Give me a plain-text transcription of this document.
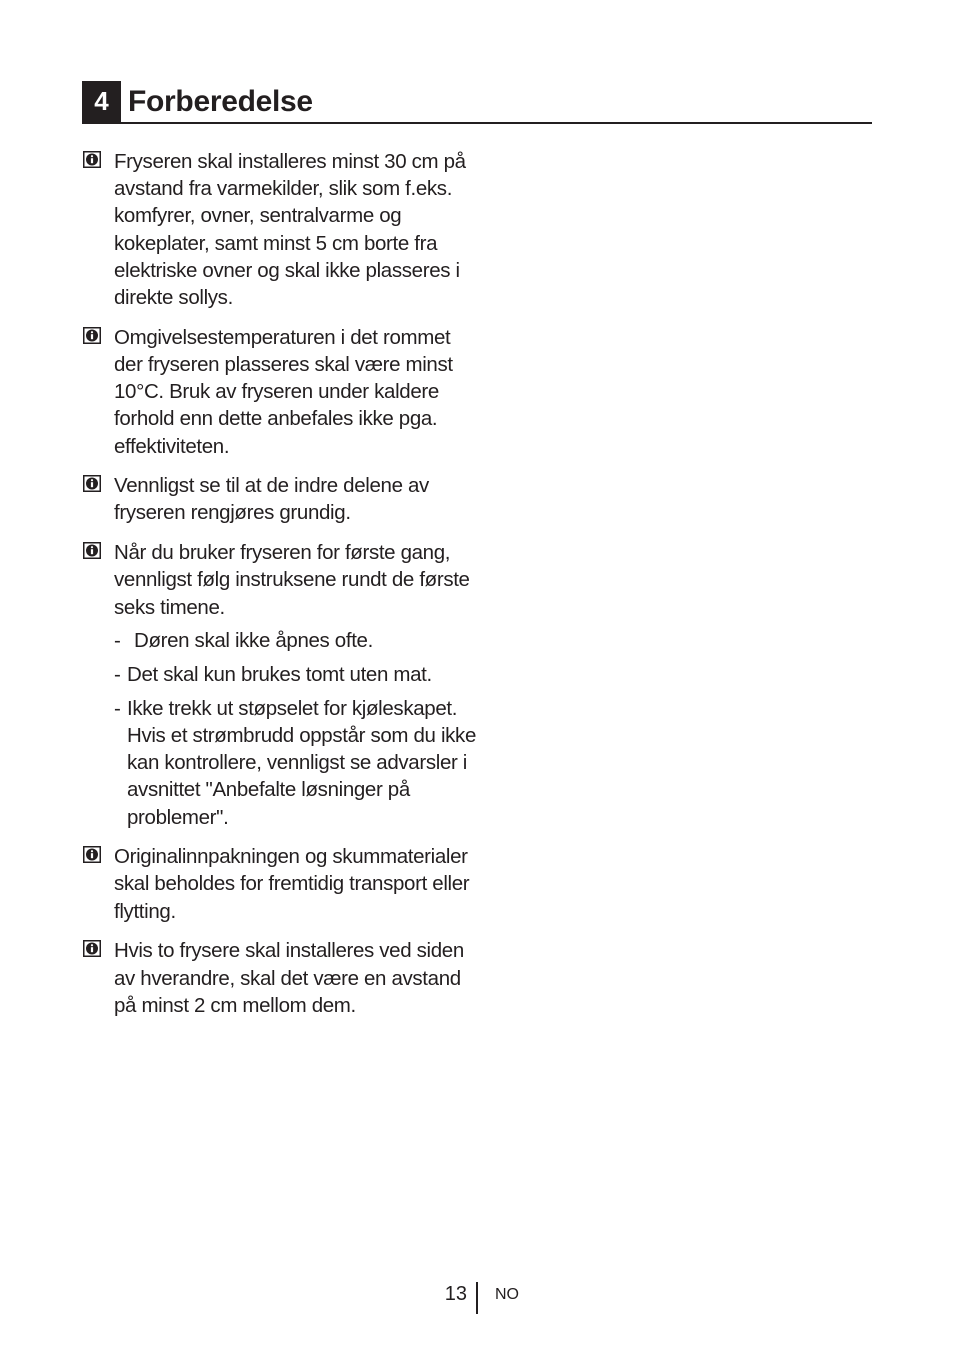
4 Forberedelse
Fryseren skal installeres minst 30 cm på avstand fra varmekilder, slik som f.eks. komfyrer, ovner, sentralvarme og kokeplater, samt minst 5 cm borte fra elektriske ovner og skal ikke plasseres i direkte sollys.
Omgivelsestemperaturen i det rommet der fryseren plasseres skal være minst 10°C. Bruk av fryseren under kaldere forhold enn dette anbefales ikke pga. effektiviteten.
Vennligst se til at de indre delene av fryseren rengjøres grundig.
Når du bruker fryseren for første gang, vennligst følg instruksene rundt de første seks timene.
- Døren skal ikke åpnes ofte.
- Det skal kun brukes tomt uten mat.
- Ikke trekk ut støpselet for kjøleskapet. Hvis et strømbrudd oppstår som du ikke kan kontrollere, vennligst se advarsler i avsnittet "Anbefalte løsninger på problemer".
Originalinnpakningen og skummaterialer skal beholdes for fremtidig transport eller flytting.
Hvis to frysere skal installeres ved siden av hverandre, skal det være en avstand på minst 2 cm mellom dem.
13 NO
